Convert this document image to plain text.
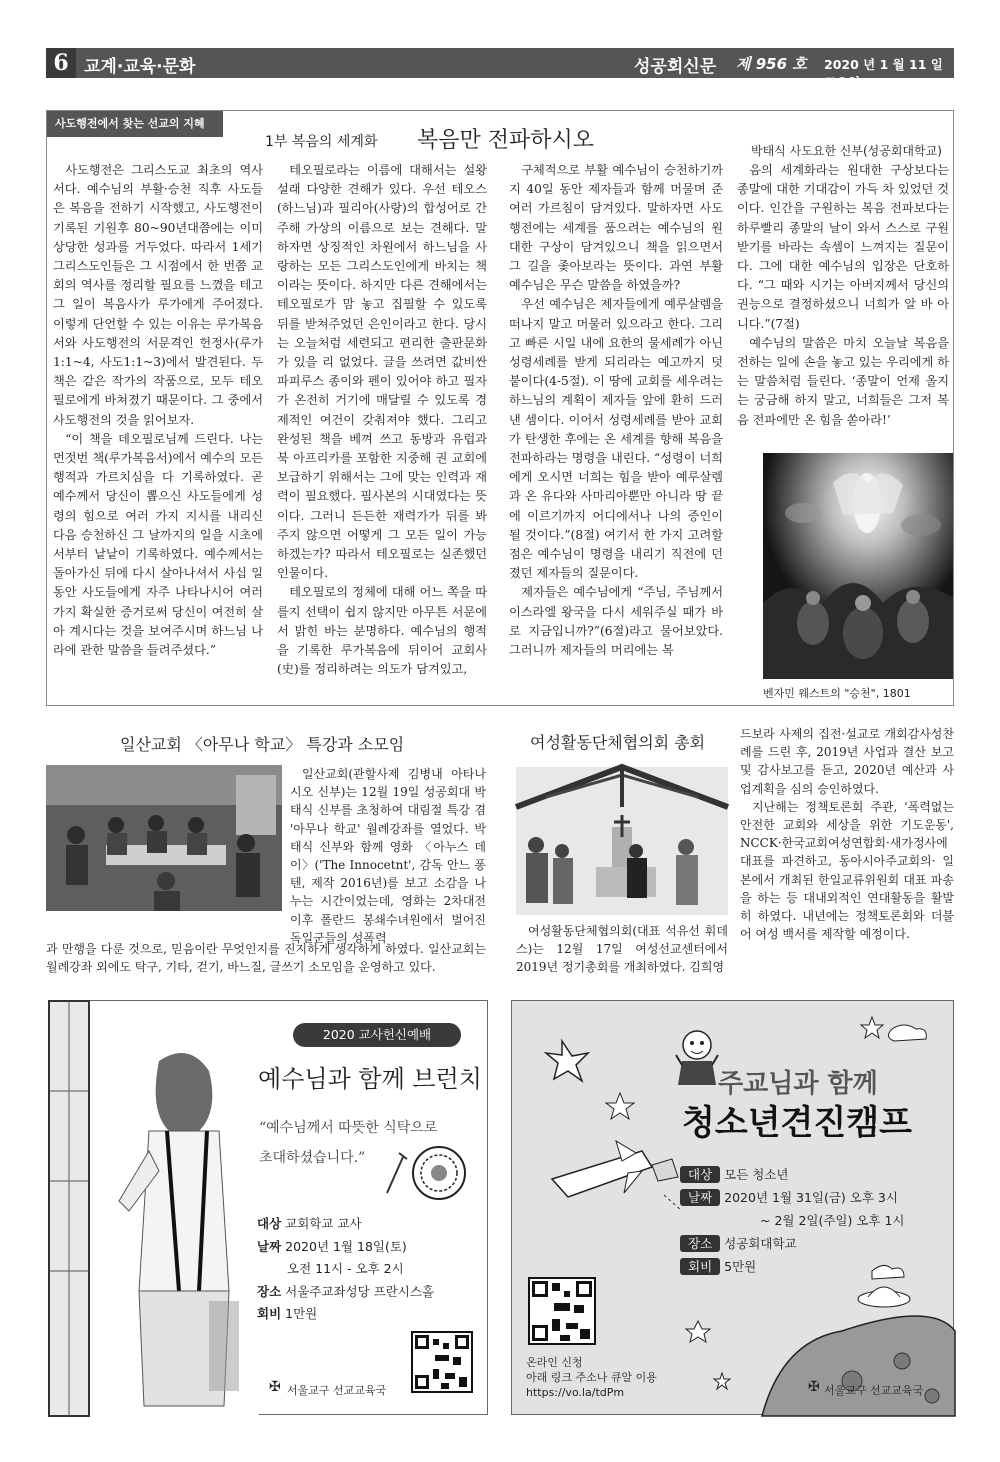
6 교계·교육·문화	성공회신문 제 956 호 2020 년 1 월 11 일 토요일
사도행전에서 찾는 선교의 지혜
1부 복음의 세계화 복음만 전파하시오	박태식 사도요한 신부(성공회대학교)

사도행전은 그리스도교 최초의 역사서다. 예수님의 부활·승천 직후 사도들은 복음을 전하기 시작했고, 사도행전이 기록된 기원후 80~90년대쯤에는 이미 상당한 성과를 거두었다. 따라서 1세기 그리스도인들은 그 시점에서 한 번쯤 교회의 역사를 정리할 필요를 느꼈을 테고 그 일이 복음사가 루가에게 주어졌다. 이렇게 단언할 수 있는 이유는 루가복음서와 사도행전의 서문격인 헌정사(루가1:1~4, 사도1:1~3)에서 발견된다. 두 책은 같은 작가의 작품으로, 모두 테오필로에게 바쳐졌기 때문이다. 그 중에서 사도행전의 것을 읽어보자.

“이 책을 데오필로님께 드린다. 나는 먼젓번 책(루가복음서)에서 예수의 모든 행적과 가르치심을 다 기록하였다. 곧 예수께서 당신이 뽑으신 사도들에게 성령의 힘으로 여러 가지 지시를 내리신 다음 승천하신 그 날까지의 일을 시초에서부터 낱낱이 기록하였다. 예수께서는 돌아가신 뒤에 다시 살아나셔서 사십 일 동안 사도들에게 자주 나타나시어 여러 가지 확실한 증거로써 당신이 여전히 살아 계시다는 것을 보여주시며 하느님 나라에 관한 말씀을 들려주셨다.”

테오필로라는 이름에 대해서는 설왕설래 다양한 견해가 있다. 우선 테오스(하느님)과 필리아(사랑)의 합성어로 간주해 가상의 이름으로 보는 견해다. 말하자면 상징적인 차원에서 하느님을 사랑하는 모든 그리스도인에게 바치는 책이라는 뜻이다. 하지만 다른 견해에서는 테오필로가 맘 놓고 집필할 수 있도록 뒤를 받쳐주었던 은인이라고 한다. 당시는 오늘처럼 세련되고 편리한 출판문화가 있을 리 없었다. 글을 쓰려면 값비싼 파피루스 종이와 펜이 있어야 하고 필자가 온전히 거기에 매달릴 수 있도록 경제적인 여건이 갖춰져야 했다. 그리고 완성된 책을 베껴 쓰고 동방과 유럽과 북 아프리카를 포함한 지중해 권 교회에 보급하기 위해서는 그에 맞는 인력과 재력이 필요했다. 필사본의 시대였다는 뜻이다. 그러니 든든한 재력가가 뒤를 봐주지 않으면 어떻게 그 모든 일이 가능하겠는가? 따라서 테오필로는 실존했던 인물이다.

테오필로의 정체에 대해 어느 쪽을 따를지 선택이 쉽지 않지만 아무튼 서문에서 밝힌 바는 분명하다. 예수님의 행적을 기록한 루가복음에 뒤이어 교회사(史)를 정리하려는 의도가 담겨있고,

구체적으로 부활 예수님이 승천하기까지 40일 동안 제자들과 함께 머물며 준 여러 가르침이 담겨있다. 말하자면 사도행전에는 세계를 품으려는 예수님의 원대한 구상이 담겨있으니 책을 읽으면서 그 길을 좇아보라는 뜻이다. 과연 부활 예수님은 무슨 말씀을 하였을까?

우선 예수님은 제자들에게 예루살렘을 떠나지 말고 머물러 있으라고 한다. 그리고 빠른 시일 내에 요한의 물세례가 아닌 성령세례를 받게 되리라는 예고까지 덧붙이다(4-5절). 이 땅에 교회를 세우려는 하느님의 계획이 제자들 앞에 환히 드러낸 셈이다. 이어서 성령세례를 받아 교회가 탄생한 후에는 온 세계를 향해 복음을 전파하라는 명령을 내린다. “성령이 너희에게 오시면 너희는 힘을 받아 예루살렘과 온 유다와 사마리아뿐만 아니라 땅 끝에 이르기까지 어디에서나 나의 증인이 될 것이다.”(8절) 여기서 한 가지 고려할 점은 예수님이 명령을 내리기 직전에 던졌던 제자들의 질문이다.

제자들은 예수님에게 “주님, 주님께서 이스라엘 왕국을 다시 세워주실 때가 바로 지금입니까?”(6절)라고 물어보았다. 그러니까 제자들의 머리에는 복

음의 세계화라는 원대한 구상보다는 종말에 대한 기대감이 가득 차 있었던 것이다. 인간을 구원하는 복음 전파보다는 하루빨리 종말의 날이 와서 스스로 구원받기를 바라는 속셈이 느껴지는 질문이다. 그에 대한 예수님의 입장은 단호하다. “그 때와 시기는 아버지께서 당신의 권능으로 결정하셨으니 너희가 알 바 아니다.”(7절)

예수님의 말씀은 마치 오늘날 복음을 전하는 일에 손을 놓고 있는 우리에게 하는 말씀처럼 들린다. ‘종말이 언제 올지는 궁금해 하지 말고, 너희들은 그저 복음 전파에만 온 힘을 쏟아라!’

벤자민 웨스트의 "승천", 1801
일산교회 〈아무나 학교〉 특강과 소모임

일산교회(관할사제 김병내 아타나시오 신부)는 12월 19일 성공회대 박태식 신부를 초청하여 대림절 특강 겸 '아무나 학교' 월례강좌를 열었다. 박태식 신부와 함께 영화 〈아누스 데이〉('The Innocetnt', 감독 안느 퐁텐, 제작 2016년)를 보고 소감을 나누는 시간이었는데, 영화는 2차대전 이후 폴란드 봉쇄수녀원에서 벌어진 독일군들의 성폭력

과 만행을 다룬 것으로, 믿음이란 무엇인지를 진지하게 생각하게 하였다. 일산교회는 월례강좌 외에도 탁구, 기타, 걷기, 바느질, 글쓰기 소모임을 운영하고 있다.
여성활동단체협의회 총회

여성활동단체협의회(대표 석유선 휘데스)는 12월 17일 여성선교센터에서 2019년 정기총회를 개최하였다. 김희영

드보라 사제의 집전·설교로 개회감사성찬례를 드린 후, 2019년 사업과 결산 보고 및 감사보고를 듣고, 2020년 예산과 사업계획을 심의 승인하였다.

지난해는 정책토론회 주관, '폭력없는 안전한 교회와 세상을 위한 기도운동', NCCK·한국교회여성연합회·새가정사에 대표를 파견하고, 동아시아주교회의· 일본에서 개최된 한일교류위원회 대표 파송을 하는 등 대내외적인 연대활동을 활발히 하였다. 내년에는 정책토론회와 더불어 여성 백서를 제작할 예정이다.

2020 교사헌신예배
예수님과 함께 브런치
“예수님께서 따뜻한 식탁으로
초대하셨습니다.”
대상 교회학교 교사
날짜 2020년 1월 18일(토)
오전 11시 - 오후 2시
장소 서울주교좌성당 프란시스홀
회비 1만원
✠ 서울교구 선교교육국
주교님과 함께
청소년견진캠프
대상 모든 청소년
날짜 2020년 1월 31일(금) 오후 3시
~ 2월 2일(주일) 오후 1시
장소 성공회대학교
회비 5만원
온라인 신청
아래 링크 주소나 큐알 이용
https://vo.la/tdPm	✠ 서울교구 선교교육국
